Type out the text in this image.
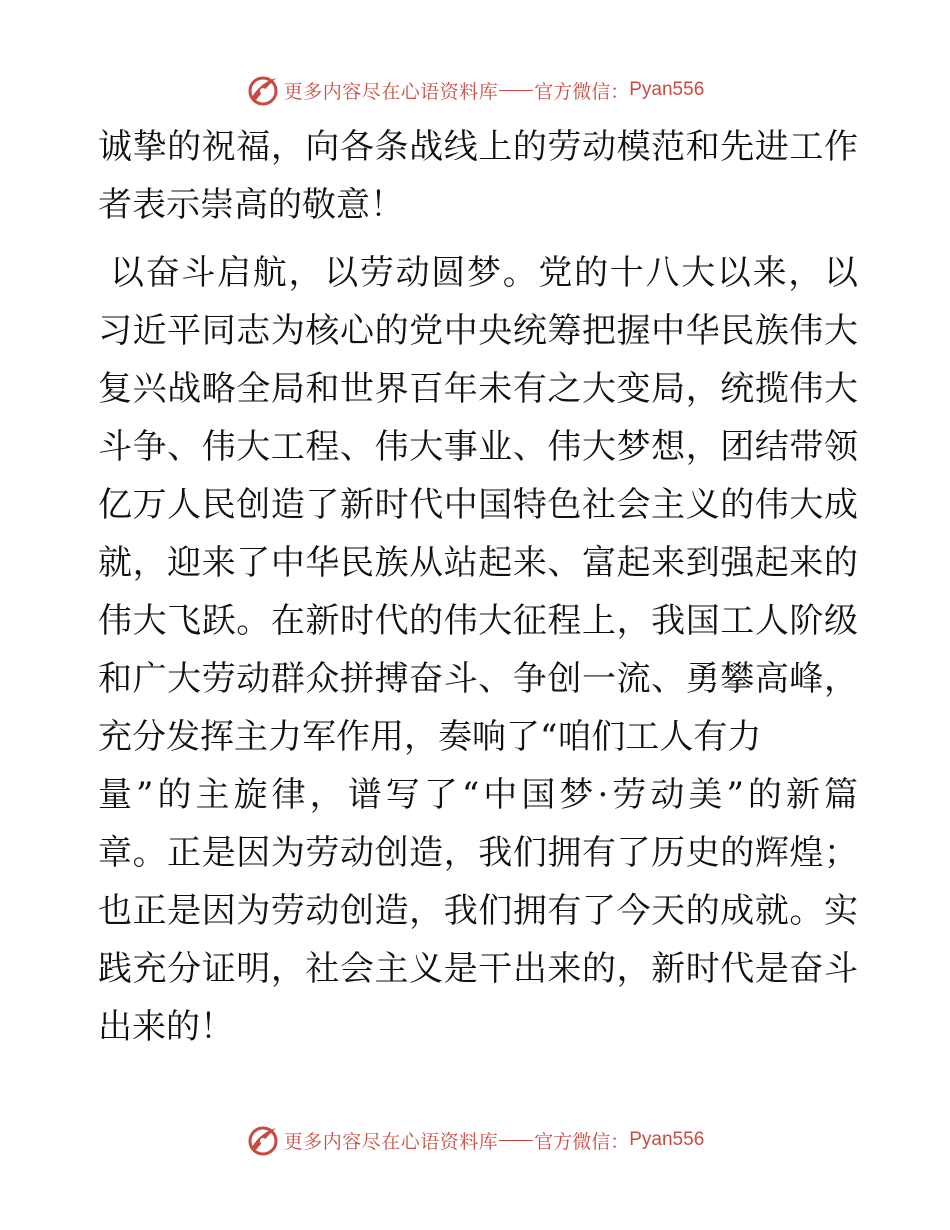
更多内容尽在心语资料库 官方微信： Pyan556
诚挚的祝福，向各条战线上的劳动模范和先进工作
者表示崇高的敬意！
以奋斗启航，以劳动圆梦。党的十八大以来，以
习近平同志为核心的党中央统筹把握中华民族伟大
复兴战略全局和世界百年未有之大变局，统揽伟大
斗争、伟大工程、伟大事业、伟大梦想，团结带领
亿万人民创造了新时代中国特色社会主义的伟大成
就，迎来了中华民族从站起来、富起来到强起来的
伟大飞跃。在新时代的伟大征程上，我国工人阶级
和广大劳动群众拼搏奋斗、争创一流、勇攀高峰，
充分发挥主力军作用，奏响了“咱们工人有力
量”的主旋律，谱写了“中国梦·劳动美”的新篇
章。正是因为劳动创造，我们拥有了历史的辉煌；
也正是因为劳动创造，我们拥有了今天的成就。实
践充分证明，社会主义是干出来的，新时代是奋斗
出来的！
更多内容尽在心语资料库 官方微信： Pyan556
